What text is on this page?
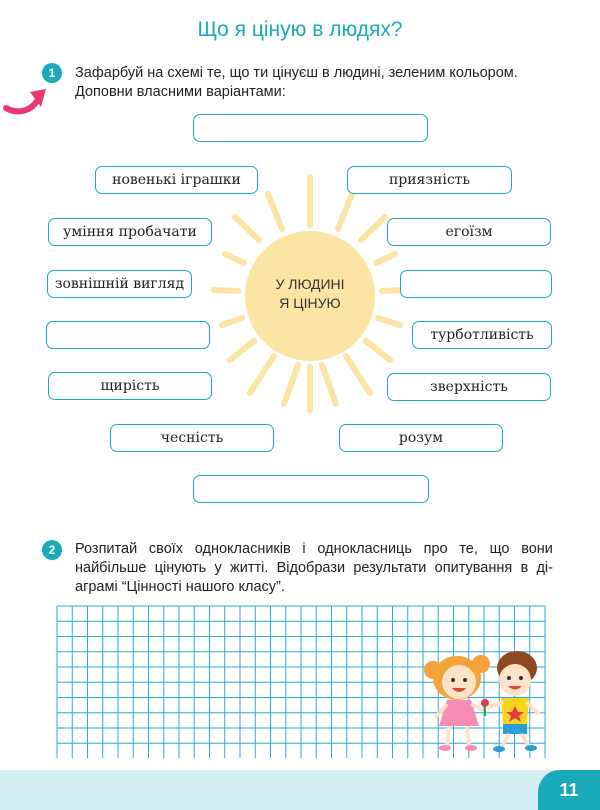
Що я ціную в людях?
1	Зафарбуй на схемі те, що ти цінуєш в людині, зеленим кольором.
Доповни власними варіантами:
У ЛЮДИНІ
Я ЦІНУЮ
новенькі іграшки	приязність
уміння пробачати	егоїзм
зовнішній вигляд
турботливість
щирість	зверхність
чесність	розум
2	Розпитай своїх однокласників і однокласниць про те, що вони
найбільше цінують у житті. Відобрази результати опитування в ді-
аграмі “Цінності нашого класу”.
11
